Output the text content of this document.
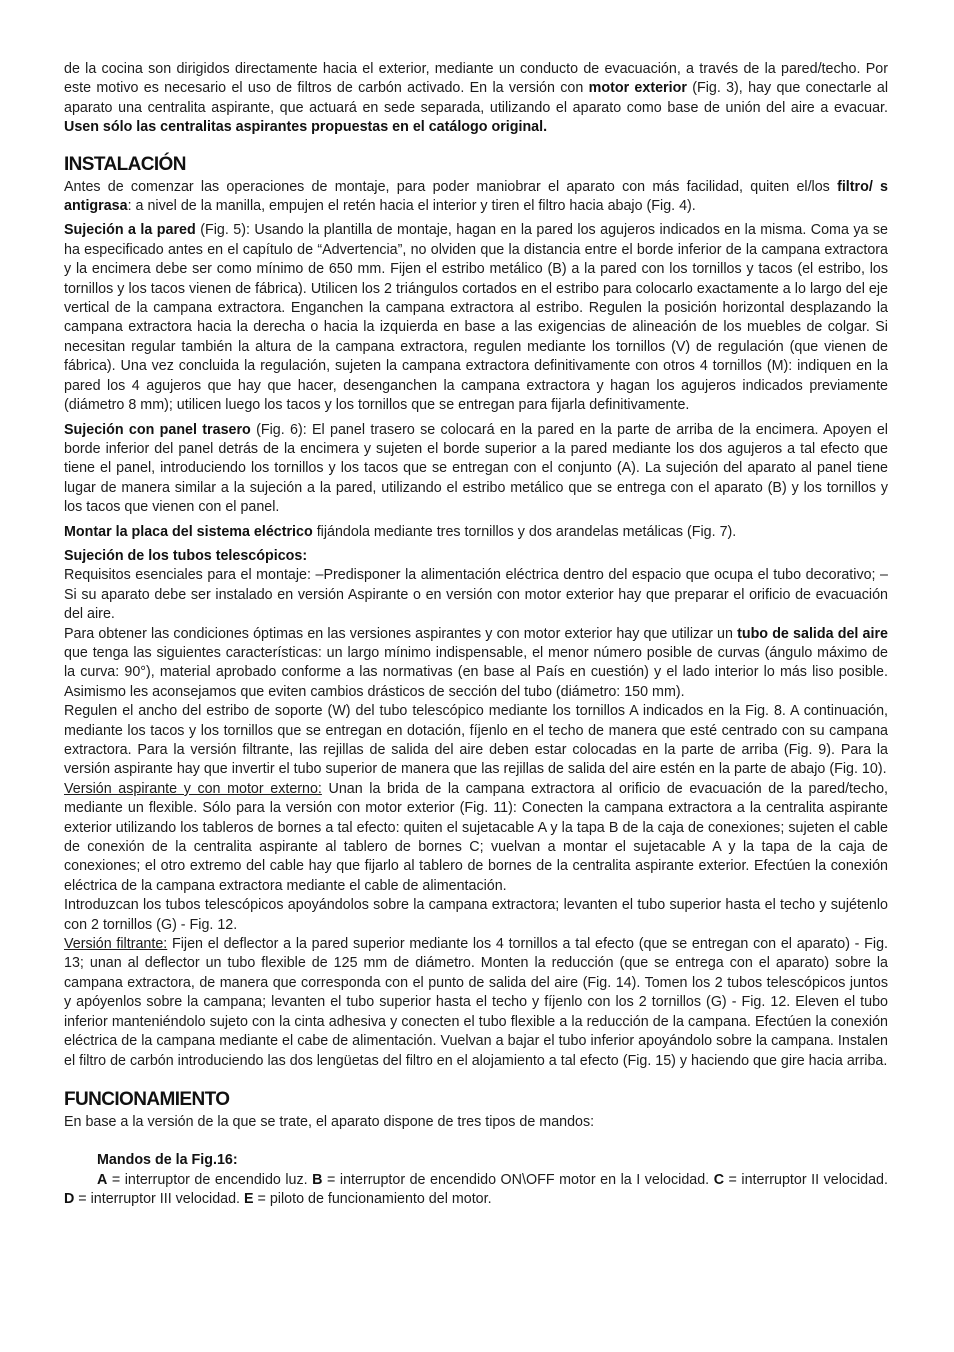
de la cocina son dirigidos directamente hacia el exterior, mediante un conducto de evacuación, a través de la pared/techo. Por este motivo es necesario el uso de filtros de carbón activado. En la versión con motor exterior (Fig. 3), hay que conectarle al aparato una centralita aspirante, que actuará en sede separada, utilizando el aparato como base de unión del aire a evacuar. Usen sólo las centralitas aspirantes propuestas en el catálogo original.

INSTALACIÓN

Antes de comenzar las operaciones de montaje, para poder maniobrar el aparato con más facilidad, quiten el/los filtro/ s antigrasa: a nivel de la manilla, empujen el retén hacia el interior y tiren el filtro hacia abajo (Fig. 4).

Sujeción a la pared (Fig. 5): Usando la plantilla de montaje, hagan en la pared los agujeros indicados en la misma. Coma ya se ha especificado antes en el capítulo de “Advertencia”, no olviden que la distancia entre el borde inferior de la campana extractora y la encimera debe ser como mínimo de 650 mm. Fijen el estribo metálico (B) a la pared con los tornillos y tacos (el estribo, los tornillos y los tacos vienen de fábrica). Utilicen los 2 triángulos cortados en el estribo para colocarlo exactamente a lo largo del eje vertical de la campana extractora. Enganchen la campana extractora al estribo. Regulen la posición horizontal desplazando la campana extractora hacia la derecha o hacia la izquierda en base a las exigencias de alineación de los muebles de colgar. Si necesitan regular también la altura de la campana extractora, regulen mediante los tornillos (V) de regulación (que vienen de fábrica). Una vez concluida la regulación, sujeten la campana extractora definitivamente con otros 4 tornillos (M): indiquen en la pared los 4 agujeros que hay que hacer, desenganchen la campana extractora y hagan los agujeros indicados previamente (diámetro 8 mm); utilicen luego los tacos y los tornillos que se entregan para fijarla definitivamente.

Sujeción con panel trasero (Fig. 6): El panel trasero se colocará en la pared en la parte de arriba de la encimera. Apoyen el borde inferior del panel detrás de la encimera y sujeten el borde superior a la pared mediante los dos agujeros a tal efecto que tiene el panel, introduciendo los tornillos y los tacos que se entregan con el conjunto (A). La sujeción del aparato al panel tiene lugar de manera similar a la sujeción a la pared, utilizando el estribo metálico que se entrega con el aparato (B) y los tornillos y los tacos que vienen con el panel.

Montar la placa del sistema eléctrico fijándola mediante tres tornillos y dos arandelas metálicas (Fig. 7).

Sujeción de los tubos telescópicos:
Requisitos esenciales para el montaje: –Predisponer la alimentación eléctrica dentro del espacio que ocupa el tubo decorativo; – Si su aparato debe ser instalado en versión Aspirante o en versión con motor exterior hay que preparar el orificio de evacuación del aire.

Para obtener las condiciones óptimas en las versiones aspirantes y con motor exterior hay que utilizar un tubo de salida del aire que tenga las siguientes características: un largo mínimo indispensable, el menor número posible de curvas (ángulo máximo de la curva: 90°), material aprobado conforme a las normativas (en base al País en cuestión) y el lado interior lo más liso posible. Asimismo les aconsejamos que eviten cambios drásticos de sección del tubo (diámetro: 150 mm).

Regulen el ancho del estribo de soporte (W) del tubo telescópico mediante los tornillos A indicados en la Fig. 8. A continuación, mediante los tacos y los tornillos que se entregan en dotación, fíjenlo en el techo de manera que esté centrado con su campana extractora. Para la versión filtrante, las rejillas de salida del aire deben estar colocadas en la parte de arriba (Fig. 9). Para la versión aspirante hay que invertir el tubo superior de manera que las rejillas de salida del aire estén en la parte de abajo (Fig. 10).

Versión aspirante y con motor externo: Unan la brida de la campana extractora al orificio de evacuación de la pared/techo, mediante un flexible. Sólo para la versión con motor exterior (Fig. 11): Conecten la campana extractora a la centralita aspirante exterior utilizando los tableros de bornes a tal efecto: quiten el sujetacable A y la tapa B de la caja de conexiones; sujeten el cable de conexión de la centralita aspirante al tablero de bornes C; vuelvan a montar el sujetacable A y la tapa de la caja de conexiones; el otro extremo del cable hay que fijarlo al tablero de bornes de la centralita aspirante exterior. Efectúen la conexión eléctrica de la campana extractora mediante el cable de alimentación.

Introduzcan los tubos telescópicos apoyándolos sobre la campana extractora; levanten el tubo superior hasta el techo y sujétenlo con 2 tornillos (G) - Fig. 12.

Versión filtrante: Fijen el deflector a la pared superior mediante los 4 tornillos a tal efecto (que se entregan con el aparato) - Fig. 13; unan al deflector un tubo flexible de 125 mm de diámetro. Monten la reducción (que se entrega con el aparato) sobre la campana extractora, de manera que corresponda con el punto de salida del aire (Fig. 14). Tomen los 2 tubos telescópicos juntos y apóyenlos sobre la campana; levanten el tubo superior hasta el techo y fíjenlo con los 2 tornillos (G) - Fig. 12. Eleven el tubo inferior manteniéndolo sujeto con la cinta adhesiva y conecten el tubo flexible a la reducción de la campana. Efectúen la conexión eléctrica de la campana mediante el cabe de alimentación. Vuelvan a bajar el tubo inferior apoyándolo sobre la campana. Instalen el filtro de carbón introduciendo las dos lengüetas del filtro en el alojamiento a tal efecto (Fig. 15) y haciendo que gire hacia arriba.

FUNCIONAMIENTO

En base a la versión de la que se trate, el aparato dispone de tres tipos de mandos:

Mandos de la Fig.16:

A = interruptor de encendido luz. B = interruptor de encendido ON\OFF motor en la I velocidad. C = interruptor II velocidad. D = interruptor III velocidad. E = piloto de funcionamiento del motor.
